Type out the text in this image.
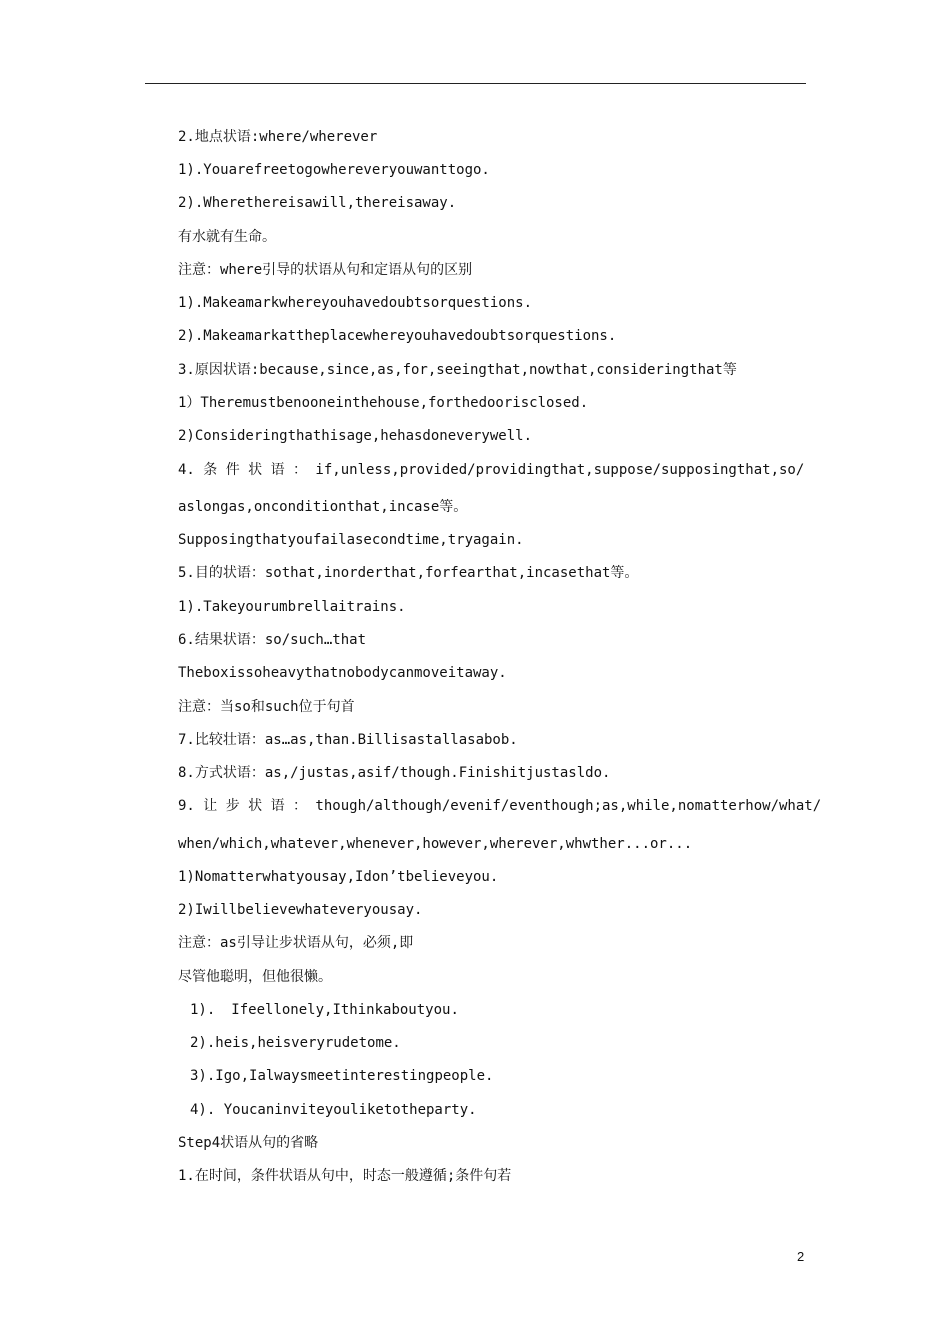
2.地点状语:where/wherever
1).Youarefreetogowhereveryouwanttogo.
2).Wherethereisawill,thereisaway.
有水就有生命。
注意：where引导的状语从句和定语从句的区别
1).Makeamarkwhereyouhavedoubtsorquestions.
2).Makeamarkattheplacewhereyouhavedoubtsorquestions.
3.原因状语:because,since,as,for,seeingthat,nowthat,consideringthat等
1）Theremustbenooneinthehouse,forthedoorisclosed.
2)Consideringthathisage,hehasdoneverywell.
4. 条 件 状 语 ： if,unless,provided/providingthat,suppose/supposingthat,so/
aslongas,onconditionthat,incase等。
Supposingthatyoufailasecondtime,tryagain.
5.目的状语：sothat,inorderthat,forfearthat,incasethat等。
1).Takeyourumbrellaitrains.
6.结果状语：so/such…that
Theboxissoheavythatnobodycanmoveitaway.
注意：当so和such位于句首
7.比较壮语：as…as,than.Billisastallasabob.
8.方式状语：as,/justas,asif/though.Finishitjustasldo.
9. 让 步 状 语 ： though/although/evenif/eventhough;as,while,nomatterhow/what/
when/which,whatever,whenever,however,wherever,whwther...or...
1)Nomatterwhatyousay,Idon’tbelieveyou.
2)Iwillbelievewhateveryousay.
注意：as引导让步状语从句，必须,即
尽管他聪明，但他很懒。
1). Ifeellonely,Ithinkaboutyou.
2).heis,heisveryrudetome.
3).Igo,Ialwaysmeetinterestingpeople.
4). Youcaninviteyouliketotheparty.
Step4状语从句的省略
1.在时间，条件状语从句中，时态一般遵循;条件句若
2
